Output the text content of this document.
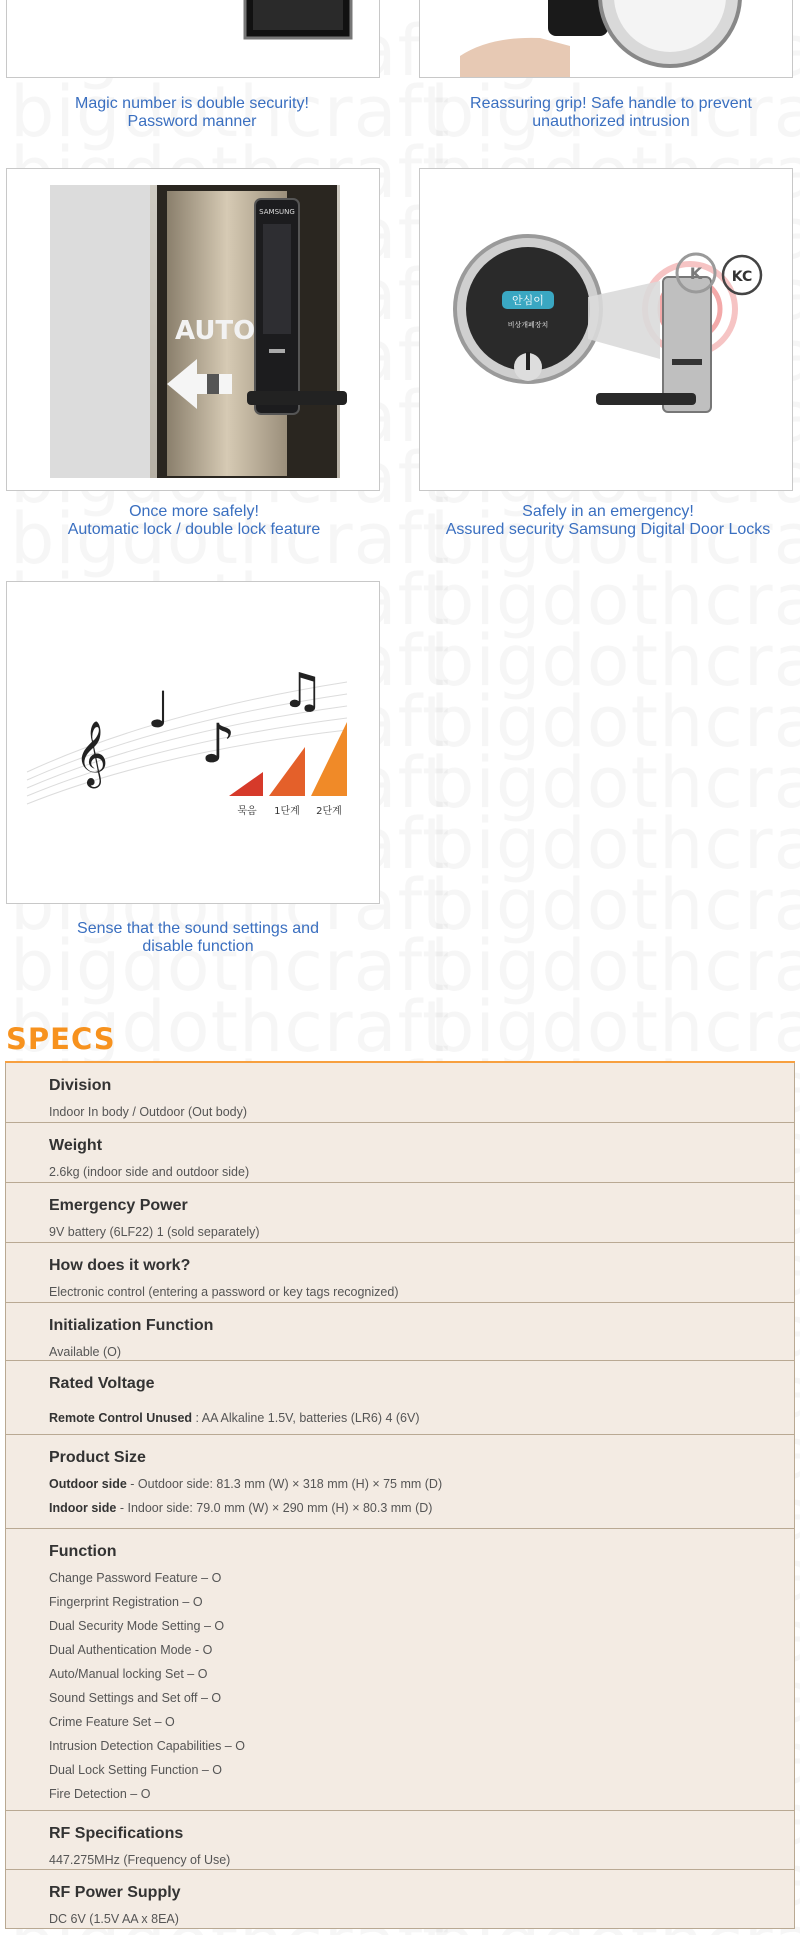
Magic number is double security!
Password manner
Reassuring grip! Safe handle to prevent
unauthorized intrusion
AUTO
SAMSUNG
Once more safely!
Automatic lock / double lock feature
안심이
비상개폐장치
K KC
Safely in an emergency!
Assured security Samsung Digital Door Locks
𝄞
♩
♪
♫
묵음 1단계 2단계
Sense that the sound settings and
disable function
SPECS
Division
Indoor In body / Outdoor (Out body)
Weight
2.6kg (indoor side and outdoor side)
Emergency Power
9V battery (6LF22) 1 (sold separately)
How does it work?
Electronic control (entering a password or key tags recognized)
Initialization Function
Available (O)
Rated Voltage
Remote Control Unused : AA Alkaline 1.5V, batteries (LR6) 4 (6V)
Product Size
Outdoor side - Outdoor side: 81.3 mm (W) × 318 mm (H) × 75 mm (D)
Indoor side - Indoor side: 79.0 mm (W) × 290 mm (H) × 80.3 mm (D)
Function
Change Password Feature – O
Fingerprint Registration – O
Dual Security Mode Setting – O
Dual Authentication Mode - O
Auto/Manual locking Set – O
Sound Settings and Set off – O
Crime Feature Set – O
Intrusion Detection Capabilities – O
Dual Lock Setting Function – O
Fire Detection – O
RF Specifications
447.275MHz (Frequency of Use)
RF Power Supply
DC 6V (1.5V AA x 8EA)
